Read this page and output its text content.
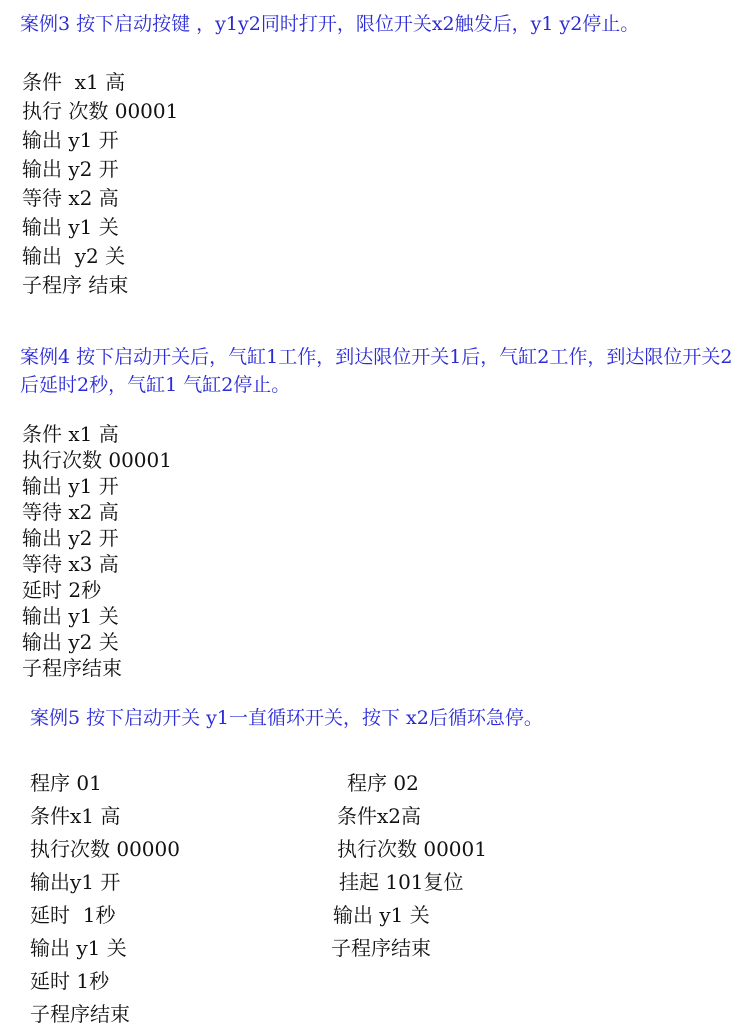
案例3 按下启动按键 ，y1y2同时打开，限位开关x2触发后，y1 y2停止。
条件  x1 高
执行 次数 00001
输出 y1 开
输出 y2 开
等待 x2 高
输出 y1 关
输出  y2 关
子程序 结束
案例4 按下启动开关后，气缸1工作，到达限位开关1后，气缸2工作，到达限位开关2后延时2秒，气缸1 气缸2停止。
条件 x1 高
执行次数 00001
输出 y1 开
等待 x2 高
输出 y2 开
等待 x3 高
延时 2秒
输出 y1 关
输出 y2 关
子程序结束
案例5 按下启动开关 y1一直循环开关，按下 x2后循环急停。
程序 01
条件x1 高
执行次数 00000
输出y1 开
延时  1秒
输出 y1 关
延时 1秒
子程序结束
程序 02
条件x2高
执行次数 00001
挂起 101复位
输出 y1 关
子程序结束
